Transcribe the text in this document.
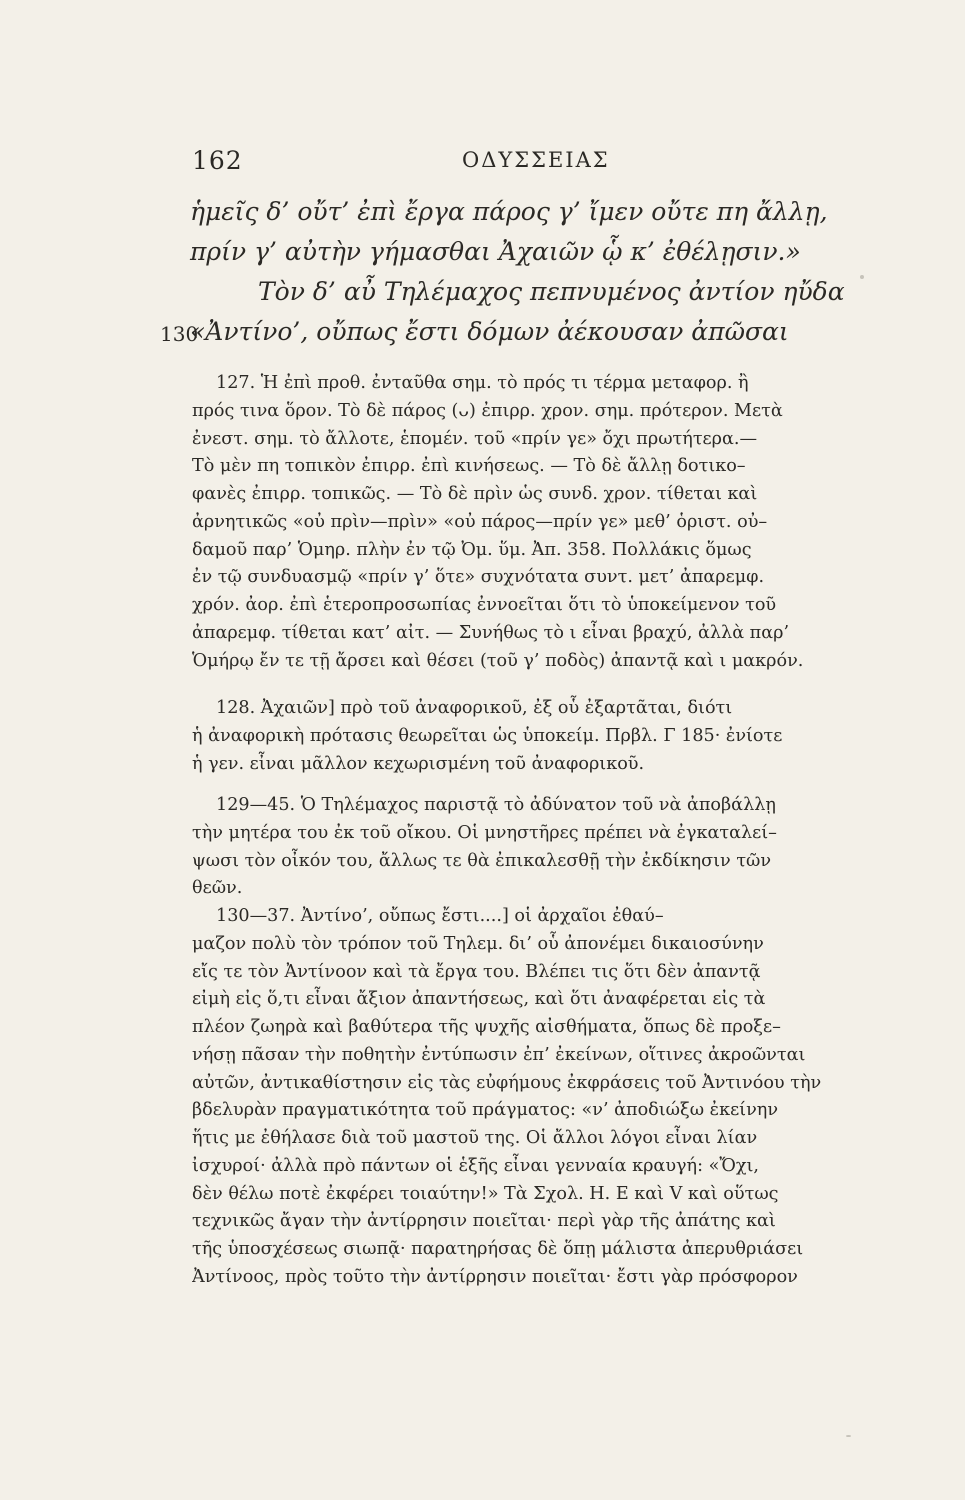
162	ΟΔΥΣΣΕΙΑΣ
ἡμεῖς δ’ οὔτ’ ἐπὶ ἔργα πάρος γ’ ἴμεν οὔτε πη ἄλλῃ,
πρίν γ’ αὐτὴν γήμασθαι Ἀχαιῶν ᾧ κ’ ἐθέλῃσιν.»
Τὸν δ’ αὖ Τηλέμαχος πεπνυμένος ἀντίον ηὔδα
130
«Ἀντίνο’, οὔπως ἔστι δόμων ἀέκουσαν ἀπῶσαι
127. Ἡ ἐπὶ προθ. ἐνταῦθα σημ. τὸ πρός τι τέρμα μεταφορ. ἢ
πρός τινα ὅρον. Τὸ δὲ πάρος (ᴗ) ἐπιρρ. χρον. σημ. πρότερον. Μετὰ
ἐνεστ. σημ. τὸ ἄλλοτε, ἑπομέν. τοῦ «πρίν γε» ὄχι πρωτήτερα.—
Τὸ μὲν πη τοπικὸν ἐπιρρ. ἐπὶ κινήσεως. — Τὸ δὲ ἄλλῃ δοτικο–
φανὲς ἐπιρρ. τοπικῶς. — Τὸ δὲ πρὶν ὡς συνδ. χρον. τίθεται καὶ
ἀρνητικῶς «οὐ πρὶν—πρὶν» «οὐ πάρος—πρίν γε» μεθ’ ὁριστ. οὐ–
δαμοῦ παρ’ Ὁμηρ. πλὴν ἐν τῷ Ὀμ. ὕμ. Ἀπ. 358. Πολλάκις ὅμως
ἐν τῷ συνδυασμῷ «πρίν γ’ ὅτε» συχνότατα συντ. μετ’ ἀπαρεμφ.
χρόν. ἀορ. ἐπὶ ἑτεροπροσωπίας ἐννοεῖται ὅτι τὸ ὑποκείμενον τοῦ
ἀπαρεμφ. τίθεται κατ’ αἰτ. — Συνήθως τὸ ι εἶναι βραχύ, ἀλλὰ παρ’
Ὁμήρῳ ἔν τε τῇ ἄρσει καὶ θέσει (τοῦ γ’ ποδὸς) ἀπαντᾷ καὶ ι μακρόν.
128. Ἀχαιῶν] πρὸ τοῦ ἀναφορικοῦ, ἐξ οὗ ἐξαρτᾶται, διότι
ἡ ἀναφορικὴ πρότασις θεωρεῖται ὡς ὑποκείμ. Πρβλ. Γ 185· ἐνίοτε
ἡ γεν. εἶναι μᾶλλον κεχωρισμένη τοῦ ἀναφορικοῦ.
129—45. Ὁ Τηλέμαχος παριστᾷ τὸ ἀδύνατον τοῦ νὰ ἀποβάλλῃ
τὴν μητέρα του ἐκ τοῦ οἴκου. Οἱ μνηστῆρες πρέπει νὰ ἐγκαταλεί–
ψωσι τὸν οἶκόν του, ἄλλως τε θὰ ἐπικαλεσθῇ τὴν ἐκδίκησιν τῶν
θεῶν.
130—37. Ἀντίνο’, οὔπως ἔστι....] οἱ ἀρχαῖοι ἐθαύ–
μαζον πολὺ τὸν τρόπον τοῦ Τηλεμ. δι’ οὗ ἀπονέμει δικαιοσύνην
εἴς τε τὸν Ἀντίνοον καὶ τὰ ἔργα του. Βλέπει τις ὅτι δὲν ἀπαντᾷ
εἰμὴ εἰς ὅ,τι εἶναι ἄξιον ἀπαντήσεως, καὶ ὅτι ἀναφέρεται εἰς τὰ
πλέον ζωηρὰ καὶ βαθύτερα τῆς ψυχῆς αἰσθήματα, ὅπως δὲ προξε–
νήσῃ πᾶσαν τὴν ποθητὴν ἐντύπωσιν ἐπ’ ἐκείνων, οἵτινες ἀκροῶνται
αὐτῶν, ἀντικαθίστησιν εἰς τὰς εὐφήμους ἐκφράσεις τοῦ Ἀντινόου τὴν
βδελυρὰν πραγματικότητα τοῦ πράγματος: «ν’ ἀποδιώξω ἐκείνην
ἥτις με ἐθήλασε διὰ τοῦ μαστοῦ της. Οἱ ἄλλοι λόγοι εἶναι λίαν
ἰσχυροί· ἀλλὰ πρὸ πάντων οἱ ἑξῆς εἶναι γενναία κραυγή: «Ὄχι,
δὲν θέλω ποτὲ ἐκφέρει τοιαύτην!» Τὰ Σχολ. Η. Ε καὶ V καὶ οὕτως
τεχνικῶς ἄγαν τὴν ἀντίρρησιν ποιεῖται· περὶ γὰρ τῆς ἀπάτης καὶ
τῆς ὑποσχέσεως σιωπᾷ· παρατηρήσας δὲ ὅπῃ μάλιστα ἀπερυθριάσει
Ἀντίνοος, πρὸς τοῦτο τὴν ἀντίρρησιν ποιεῖται· ἔστι γὰρ πρόσφορον
